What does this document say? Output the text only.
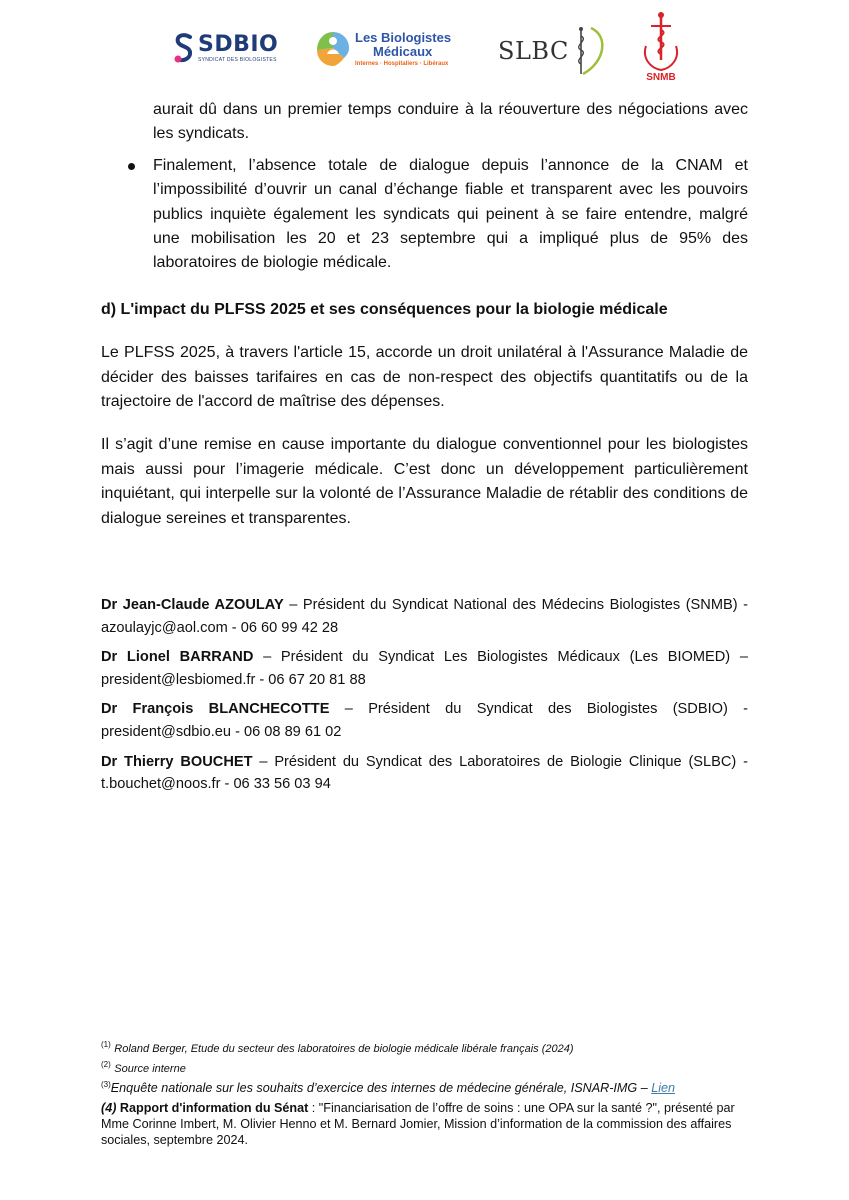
SDBIO
SYNDICAT DES BIOLOGISTES
Les Biologistes
Médicaux
Internes · Hospitaliers · Libéraux SLBC
SNMB

aurait dû dans un premier temps conduire à la réouverture des négociations avec les syndicats.

Finalement, l’absence totale de dialogue depuis l’annonce de la CNAM et l’impossibilité d’ouvrir un canal d’échange fiable et transparent avec les pouvoirs publics inquiète également les syndicats qui peinent à se faire entendre, malgré une mobilisation les 20 et 23 septembre qui a impliqué plus de 95% des laboratoires de biologie médicale.

d) L'impact du PLFSS 2025 et ses conséquences pour la biologie médicale

Le PLFSS 2025, à travers l'article 15, accorde un droit unilatéral à l'Assurance Maladie de décider des baisses tarifaires en cas de non-respect des objectifs quantitatifs ou de la trajectoire de l'accord de maîtrise des dépenses.

Il s’agit d’une remise en cause importante du dialogue conventionnel pour les biologistes mais aussi pour l’imagerie médicale. C’est donc un développement particulièrement inquiétant, qui interpelle sur la volonté de l’Assurance Maladie de rétablir des conditions de dialogue sereines et transparentes.

Dr Jean-Claude AZOULAY – Président du Syndicat National des Médecins Biologistes (SNMB) - azoulayjc@aol.com - 06 60 99 42 28

Dr Lionel BARRAND – Président du Syndicat Les Biologistes Médicaux (Les BIOMED) – president@lesbiomed.fr - 06 67 20 81 88

Dr François BLANCHECOTTE – Président du Syndicat des Biologistes (SDBIO) - president@sdbio.eu - 06 08 89 61 02

Dr Thierry BOUCHET – Président du Syndicat des Laboratoires de Biologie Clinique (SLBC) - t.bouchet@noos.fr - 06 33 56 03 94

$^{(1)}$ Roland Berger, Etude du secteur des laboratoires de biologie médicale libérale français (2024)

$^{(2)}$ Source interne

$^{(3)}$Enquête nationale sur les souhaits d’exercice des internes de médecine générale, ISNAR-IMG – Lien

(4) Rapport d'information du Sénat : "Financiarisation de l’offre de soins : une OPA sur la santé ?", présenté par Mme Corinne Imbert, M. Olivier Henno et M. Bernard Jomier, Mission d’information de la commission des affaires sociales, septembre 2024.
